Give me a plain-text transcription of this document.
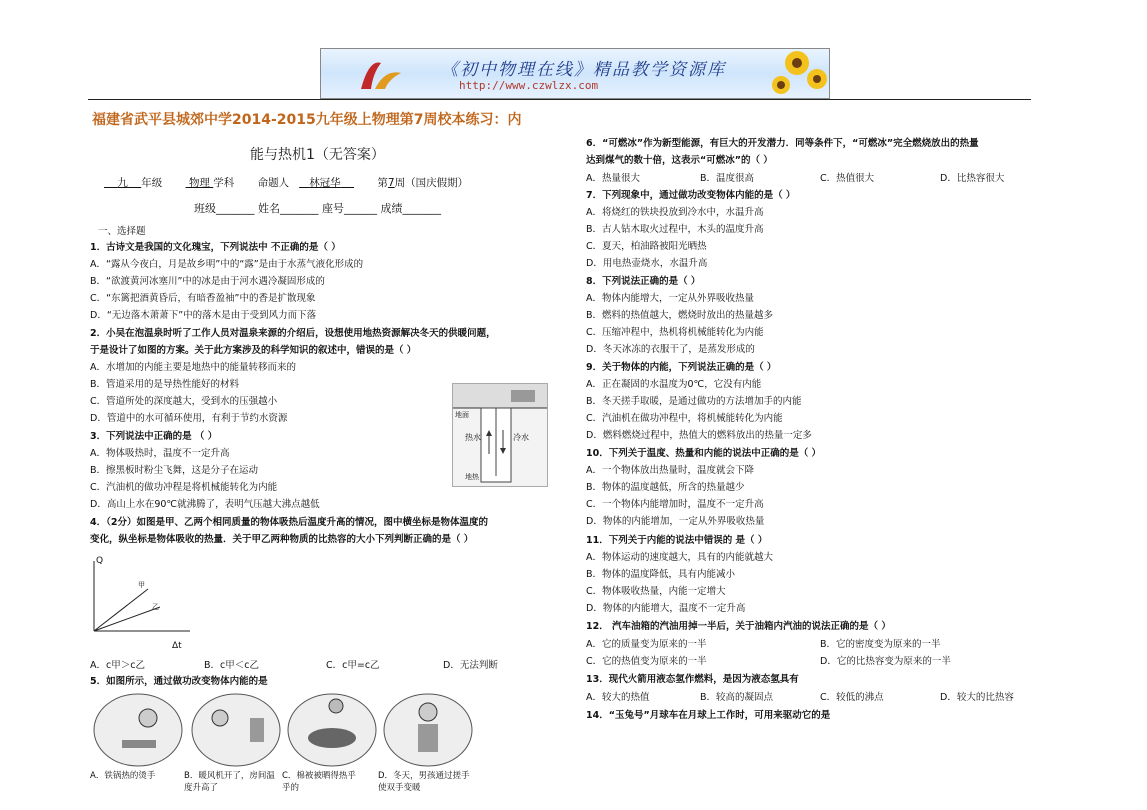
《初中物理在线》精品教学资源库
http://www.czwlzx.com
福建省武平县城郊中学2014-2015九年级上物理第7周校本练习：内
能与热机1（无答案）
九 年级	物理 学科 命题人 林冠华	第7周（国庆假期）
班级_______ 姓名_______ 座号______ 成绩_______
一、选择题
1．古诗文是我国的文化瑰宝，下列说法中 不正确的是（ ）
A．“露从今夜白，月是故乡明”中的“露”是由于水蒸气液化形成的
B．“欲渡黄河冰塞川”中的冰是由于河水遇冷凝固形成的
C．“东篱把酒黄昏后，有暗香盈袖”中的香是扩散现象
D．“无边落木萧萧下”中的落木是由于受到风力而下落
2．小吴在泡温泉时听了工作人员对温泉来源的介绍后，设想使用地热资源解决冬天的供暖问题，
于是设计了如图的方案。关于此方案涉及的科学知识的叙述中，错误的是（ ）
A．水增加的内能主要是地热中的能量转移而来的
B．管道采用的是导热性能好的材料
C．管道所处的深度越大，受到水的压强越小
D．管道中的水可循环使用，有利于节约水资源
3．下列说法中正确的是 （ ）
A．物体吸热时，温度不一定升高
B．擦黑板时粉尘飞舞，这是分子在运动
C．汽油机的做功冲程是将机械能转化为内能
D．高山上水在90℃就沸腾了，表明气压越大沸点越低
4．（2分）如图是甲、乙两个相同质量的物体吸热后温度升高的情况，图中横坐标是物体温度的
变化，纵坐标是物体吸收的热量．关于甲乙两种物质的比热容的大小下列判断正确的是（ ）
地面
热水	冷水
地热
Q
甲
乙
Δt
A．c甲＞c乙	B．c甲＜c乙	C．c甲=c乙	D．无法判断
5．如图所示，通过做功改变物体内能的是
A．铁锅热的烫手	B．暖风机开了，房间温度升高了
C．棉被被晒得热乎乎的
D．冬天，男孩通过搓手使双手变暖
6．“可燃冰”作为新型能源，有巨大的开发潜力．同等条件下，“可燃冰”完全燃烧放出的热量
达到煤气的数十倍，这表示“可燃冰”的（ ）
A．热量很大	B．温度很高	C．热值很大	D．比热容很大
7．下列现象中，通过做功改变物体内能的是（ ）
A．将烧红的铁块投放到冷水中，水温升高
B．古人钻木取火过程中，木头的温度升高
C．夏天，柏油路被阳光晒热
D．用电热壶烧水，水温升高
8．下列说法正确的是（ ）
A．物体内能增大，一定从外界吸收热量
B．燃料的热值越大，燃烧时放出的热量越多
C．压缩冲程中，热机将机械能转化为内能
D．冬天冰冻的衣服干了，是蒸发形成的
9．关于物体的内能，下列说法正确的是（ ）
A．正在凝固的水温度为0℃，它没有内能
B．冬天搓手取暖，是通过做功的方法增加手的内能
C．汽油机在做功冲程中，将机械能转化为内能
D．燃料燃烧过程中，热值大的燃料放出的热量一定多
10．下列关于温度、热量和内能的说法中正确的是（ ）
A．一个物体放出热量时，温度就会下降
B．物体的温度越低，所含的热量越少
C．一个物体内能增加时，温度不一定升高
D．物体的内能增加，一定从外界吸收热量
11．下列关于内能的说法中错误的 是（ ）
A．物体运动的速度越大，具有的内能就越大
B．物体的温度降低，具有内能减小
C．物体吸收热量，内能一定增大
D．物体的内能增大，温度不一定升高
12． 汽车油箱的汽油用掉一半后，关于油箱内汽油的说法正确的是（ ）
A．它的质量变为原来的一半	B．它的密度变为原来的一半
C．它的热值变为原来的一半	D．它的比热容变为原来的一半
13．现代火箭用液态氢作燃料，是因为液态氢具有
A．较大的热值	B．较高的凝固点	C．较低的沸点	D．较大的比热容
14．“玉兔号”月球车在月球上工作时，可用来驱动它的是
